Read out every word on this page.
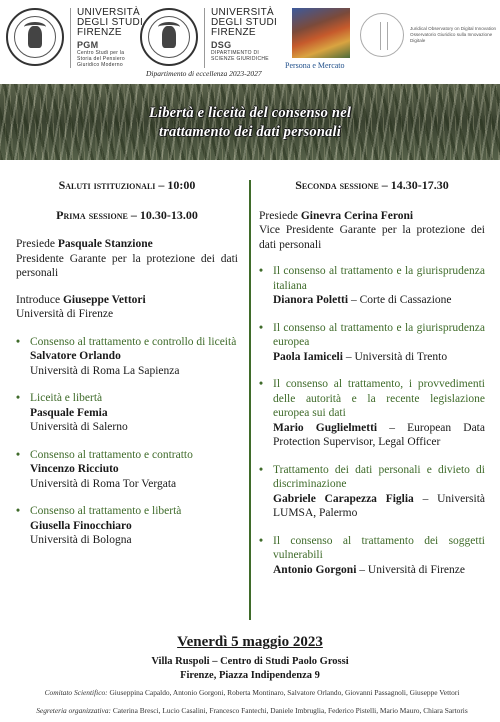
UNIVERSITÀ
DEGLI STUDI
FIRENZE
PGM
Centro Studi per la
Storia del Pensiero
Giuridico Moderno
UNIVERSITÀ
DEGLI STUDI
FIRENZE
DSG
DIPARTIMENTO DI
SCIENZE GIURIDICHE
Dipartimento di eccellenza 2023-2027
Persona e Mercato
Juridical Observatory on Digital Innovation
Osservatorio Giuridico sulla Innovazione Digitale
Libertà e liceità del consenso nel
trattamento dei dati personali
Saluti istituzionali – 10:00
Prima sessione – 10.30-13.00
Presiede Pasquale Stanzione
Presidente Garante per la protezione dei dati personali
Introduce Giuseppe Vettori
Università di Firenze
• Consenso al trattamento e controllo di liceità
Salvatore Orlando
Università di Roma La Sapienza
• Liceità e libertà
Pasquale Femia
Università di Salerno
• Consenso al trattamento e contratto
Vincenzo Ricciuto
Università di Roma Tor Vergata
• Consenso al trattamento e libertà
Giusella Finocchiaro
Università di Bologna
Seconda sessione – 14.30-17.30
Presiede Ginevra Cerina Feroni
Vice Presidente Garante per la protezione dei dati personali
• Il consenso al trattamento e la giurisprudenza italiana
Dianora Poletti – Corte di Cassazione
• Il consenso al trattamento e la giurisprudenza europea
Paola Iamiceli – Università di Trento
• Il consenso al trattamento, i provvedimenti delle autorità e la recente legislazione europea sui dati
Mario Guglielmetti – European Data Protection Supervisor, Legal Officer
• Trattamento dei dati personali e divieto di discriminazione
Gabriele Carapezza Figlia – Università LUMSA, Palermo
• Il consenso al trattamento dei soggetti vulnerabili
Antonio Gorgoni – Università di Firenze
Venerdì 5 maggio 2023
Villa Ruspoli – Centro di Studi Paolo Grossi
Firenze, Piazza Indipendenza 9
Comitato Scientifico: Giuseppina Capaldo, Antonio Gorgoni, Roberta Montinaro, Salvatore Orlando, Giovanni Passagnoli, Giuseppe Vettori
Segreteria organizzativa: Caterina Bresci, Lucio Casalini, Francesco Fantechi, Daniele Imbruglia, Federico Pistelli, Mario Mauro, Chiara Sartoris
